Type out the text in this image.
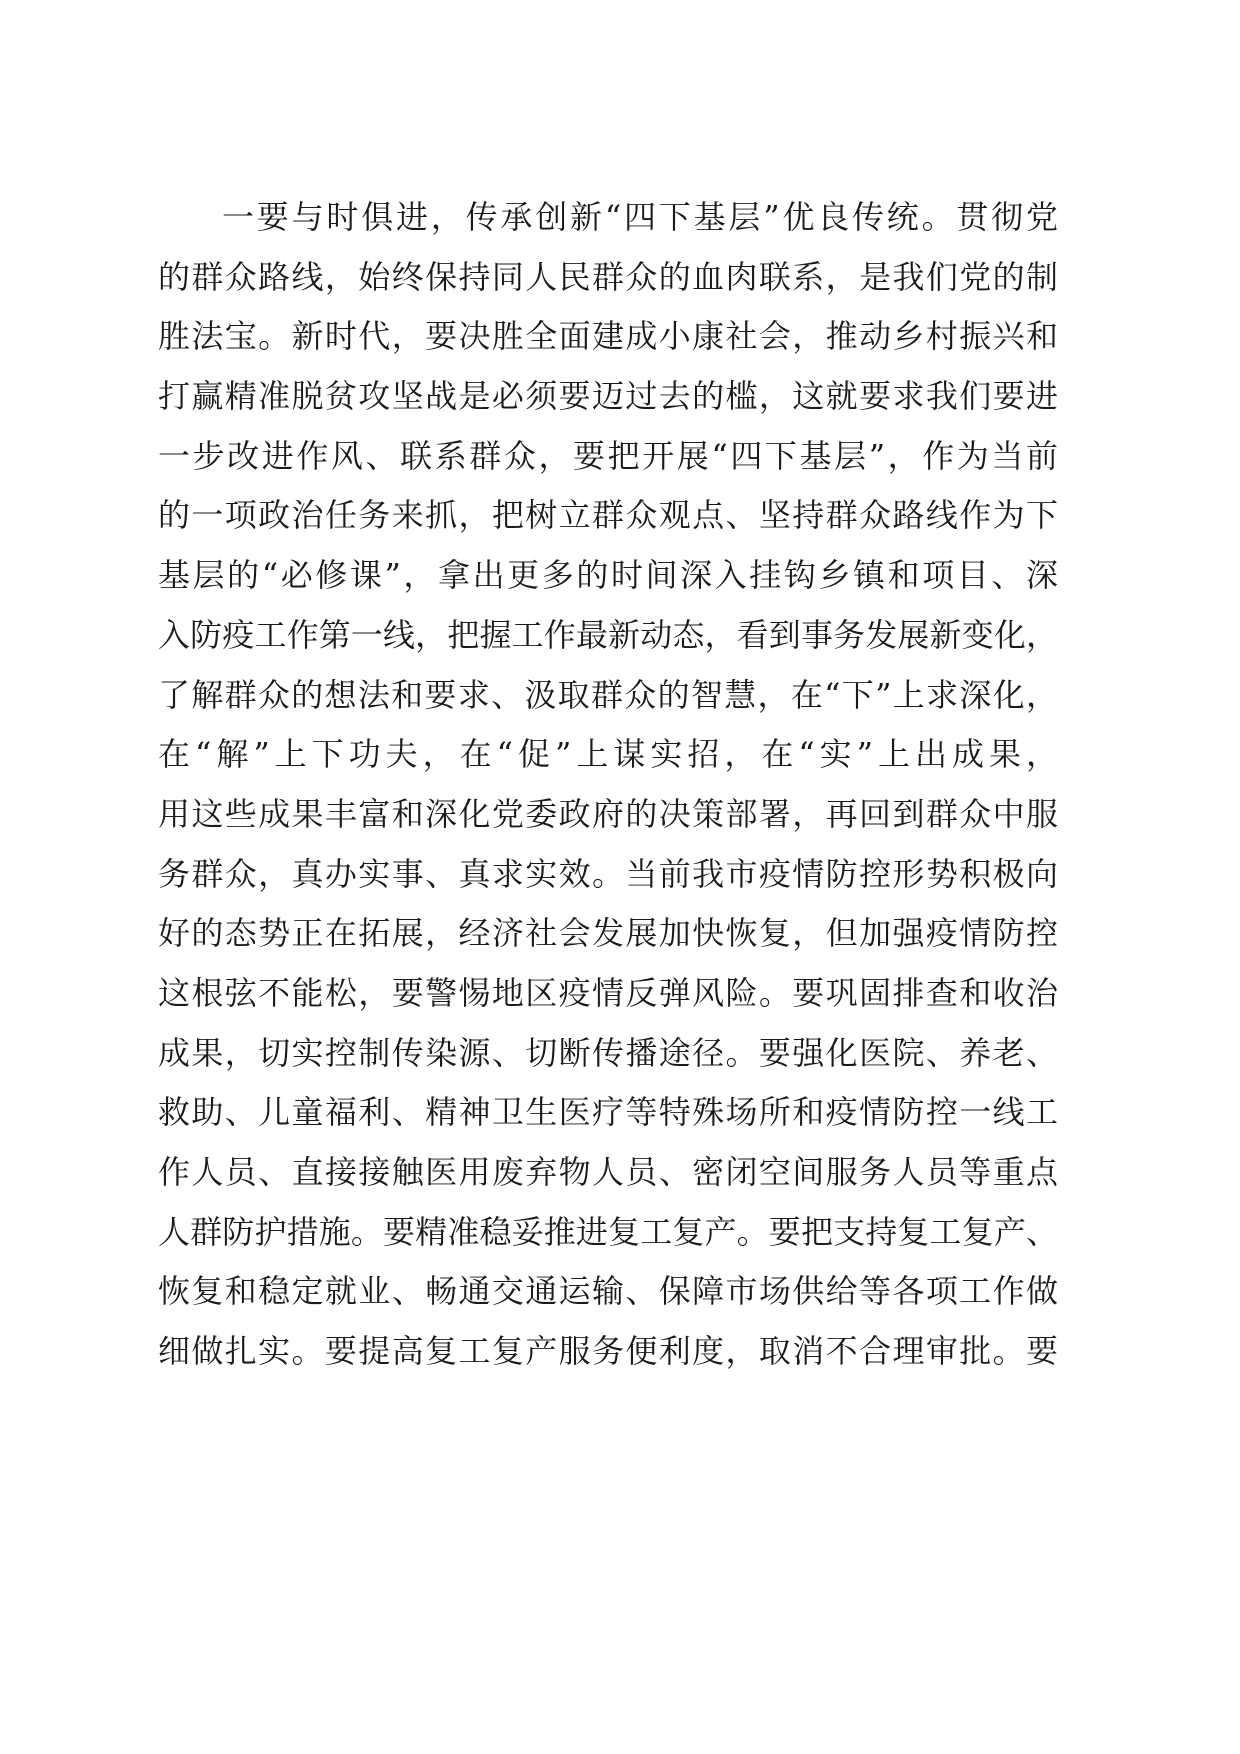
一要与时俱进，传承创新“四下基层”优良传统。贯彻党
的群众路线，始终保持同人民群众的血肉联系，是我们党的制
胜法宝。新时代，要决胜全面建成小康社会，推动乡村振兴和
打赢精准脱贫攻坚战是必须要迈过去的槛，这就要求我们要进
一步改进作风、联系群众，要把开展“四下基层”，作为当前
的一项政治任务来抓，把树立群众观点、坚持群众路线作为下
基层的“必修课”，拿出更多的时间深入挂钩乡镇和项目、深
入防疫工作第一线，把握工作最新动态，看到事务发展新变化，
了解群众的想法和要求、汲取群众的智慧，在“下”上求深化，
在“解”上下功夫，在“促”上谋实招，在“实”上出成果，
用这些成果丰富和深化党委政府的决策部署，再回到群众中服
务群众，真办实事、真求实效。当前我市疫情防控形势积极向
好的态势正在拓展，经济社会发展加快恢复，但加强疫情防控
这根弦不能松，要警惕地区疫情反弹风险。要巩固排查和收治
成果，切实控制传染源、切断传播途径。要强化医院、养老、
救助、儿童福利、精神卫生医疗等特殊场所和疫情防控一线工
作人员、直接接触医用废弃物人员、密闭空间服务人员等重点
人群防护措施。要精准稳妥推进复工复产。要把支持复工复产、
恢复和稳定就业、畅通交通运输、保障市场供给等各项工作做
细做扎实。要提高复工复产服务便利度，取消不合理审批。要
